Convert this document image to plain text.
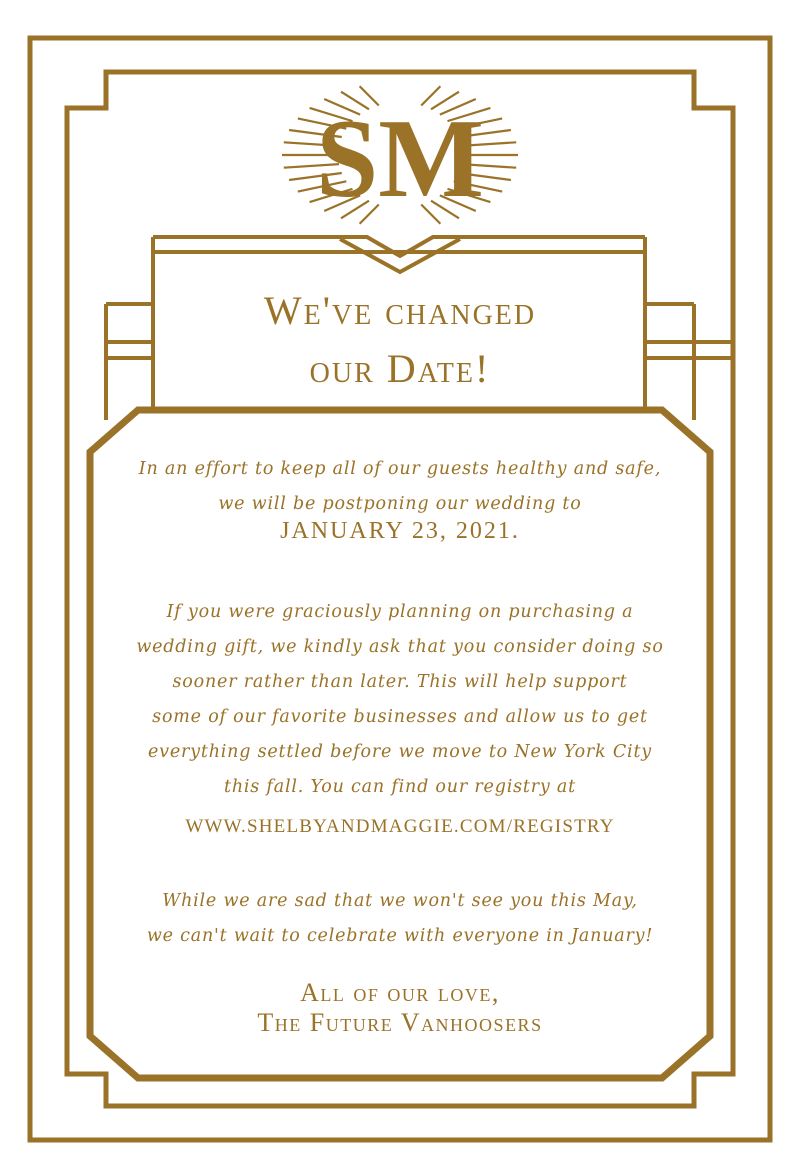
SM
We've changed
our Date!
In an effort to keep all of our guests healthy and safe,
we will be postponing our wedding to
JANUARY 23, 2021.
If you were graciously planning on purchasing a
wedding gift, we kindly ask that you consider doing so
sooner rather than later. This will help support
some of our favorite businesses and allow us to get
everything settled before we move to New York City
this fall. You can find our registry at
WWW.SHELBYANDMAGGIE.COM/REGISTRY
While we are sad that we won't see you this May,
we can't wait to celebrate with everyone in January!
All of our love,
The Future Vanhoosers
